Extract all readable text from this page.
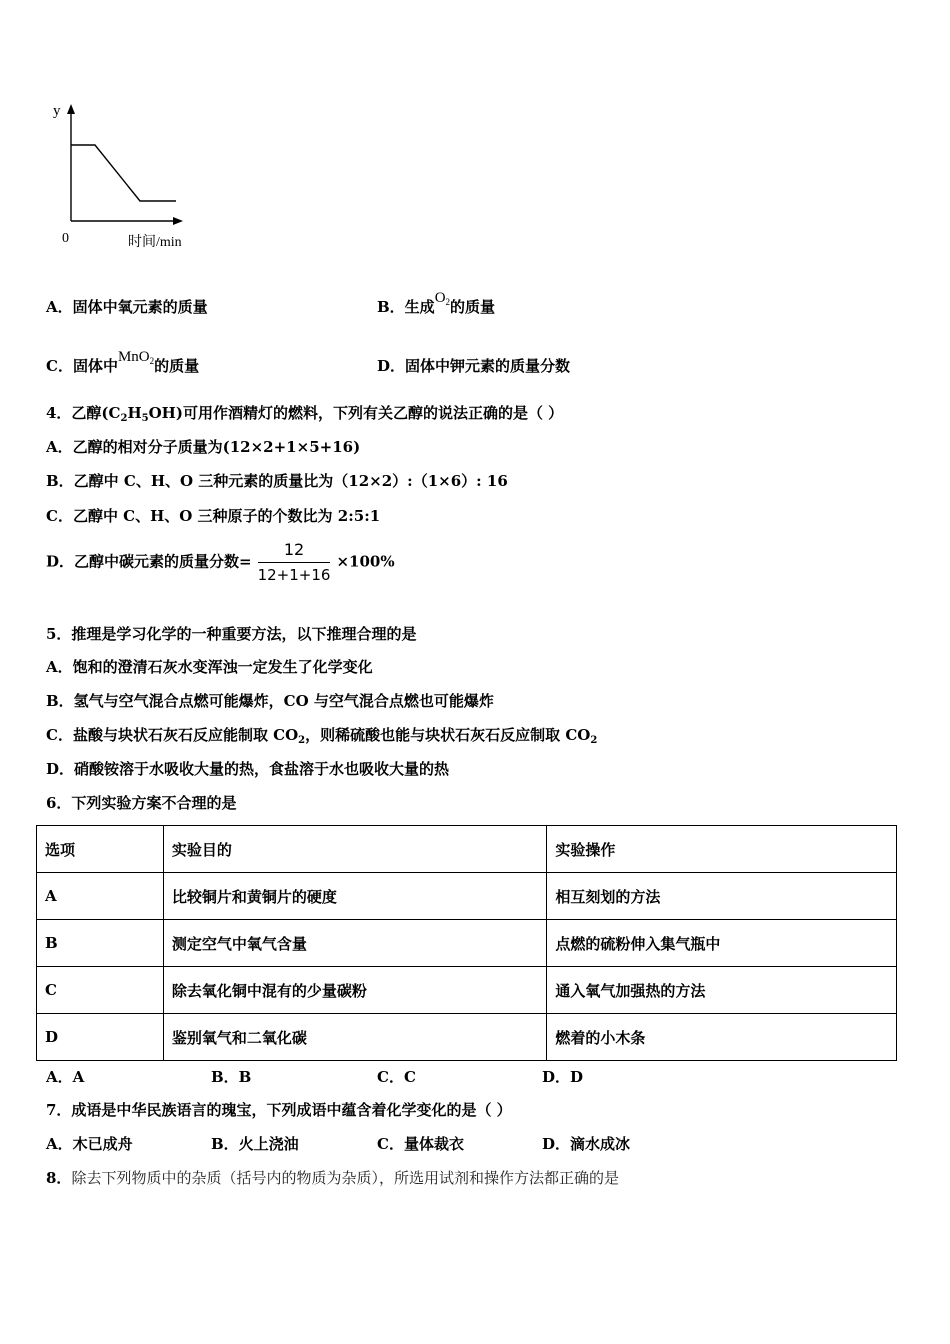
y
0	时间/min
A．固体中氧元素的质量	B．生成$O_2$的质量
C．固体中MnO$_2$的质量	D．固体中钾元素的质量分数
4．乙醇$(C_2H_5OH)$可用作酒精灯的燃料，下列有关乙醇的说法正确的是（ ）
A．乙醇的相对分子质量为(12×2+1×5+16)
B．乙醇中 C、H、O 三种元素的质量比为（12×2）:（1×6）: 16
C．乙醇中 C、H、O 三种原子的个数比为 2:5:1
D．乙醇中碳元素的质量分数= $\frac{12}{12+1+16} \times 100\%$
5．推理是学习化学的一种重要方法，以下推理合理的是
A．饱和的澄清石灰水变浑浊一定发生了化学变化
B．氢气与空气混合点燃可能爆炸，CO 与空气混合点燃也可能爆炸
C．盐酸与块状石灰石反应能制取 $CO_2$，则稀硫酸也能与块状石灰石反应制取 $CO_2$
D．硝酸铵溶于水吸收大量的热，食盐溶于水也吸收大量的热
6．下列实验方案不合理的是
选项	实验目的	实验操作
A	比较铜片和黄铜片的硬度	相互刻划的方法
B	测定空气中氧气含量	点燃的硫粉伸入集气瓶中
C	除去氧化铜中混有的少量碳粉	通入氧气加强热的方法
D	鉴别氧气和二氧化碳	燃着的小木条
A．A	B．B	C．C	D．D
7．成语是中华民族语言的瑰宝，下列成语中蕴含着化学变化的是（ ）
A．木已成舟	B．火上浇油	C．量体裁衣	D．滴水成冰
8．除去下列物质中的杂质（括号内的物质为杂质），所选用试剂和操作方法都正确的是
